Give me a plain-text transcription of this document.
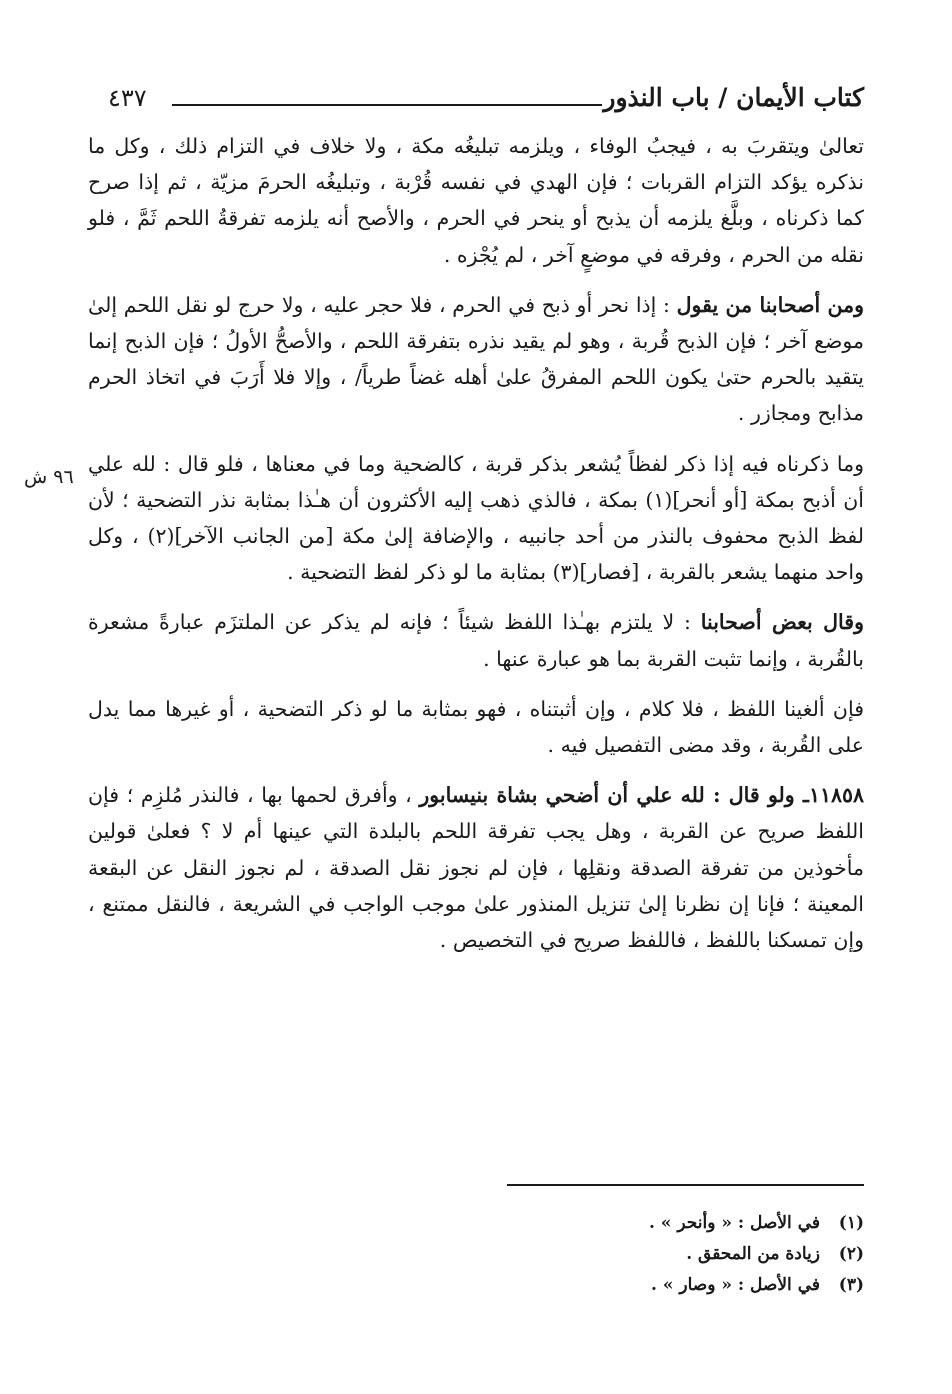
كتاب الأيمان / باب النذور
٤٣٧
٩٦ ش

تعالىٰ ويتقربَ به ، فيجبُ الوفاء ، ويلزمه تبليغُه مكة ، ولا خلاف في التزام ذلك ، وكل ما نذكره يؤكد التزام القربات ؛ فإن الهدي في نفسه قُرْبة ، وتبليغُه الحرمَ مزيّة ، ثم إذا صرح كما ذكرناه ، وبلَّغ يلزمه أن يذبح أو ينحر في الحرم ، والأصح أنه يلزمه تفرقةُ اللحم ثَمَّ ، فلو نقله من الحرم ، وفرقه في موضعٍ آخر ، لم يُجْزه .

ومن أصحابنا من يقول : إذا نحر أو ذبح في الحرم ، فلا حجر عليه ، ولا حرج لو نقل اللحم إلىٰ موضع آخر ؛ فإن الذبح قُربة ، وهو لم يقيد نذره بتفرقة اللحم ، والأصحُّ الأولُ ؛ فإن الذبح إنما يتقيد بالحرم حتىٰ يكون اللحم المفرقُ علىٰ أهله غضاً طرياً/ ، وإلا فلا أَرَبَ في اتخاذ الحرم مذابح ومجازر .

وما ذكرناه فيه إذا ذكر لفظاً يُشعر بذكر قربة ، كالضحية وما في معناها ، فلو قال : لله علي أن أذبح بمكة [أو أنحر](١) بمكة ، فالذي ذهب إليه الأكثرون أن هـٰذا بمثابة نذر التضحية ؛ لأن لفظ الذبح محفوف بالنذر من أحد جانبيه ، والإضافة إلىٰ مكة [من الجانب الآخر](٢) ، وكل واحد منهما يشعر بالقربة ، [فصار](٣) بمثابة ما لو ذكر لفظ التضحية .

وقال بعض أصحابنا : لا يلتزم بهـٰذا اللفظ شيئاً ؛ فإنه لم يذكر عن الملتزَم عبارةً مشعرة بالقُربة ، وإنما تثبت القربة بما هو عبارة عنها .

فإن ألغينا اللفظ ، فلا كلام ، وإن أثبتناه ، فهو بمثابة ما لو ذكر التضحية ، أو غيرها مما يدل على القُربة ، وقد مضى التفصيل فيه .

١١٨٥٨ـ ولو قال : لله علي أن أضحي بشاة بنيسابور ، وأفرق لحمها بها ، فالنذر مُلزِم ؛ فإن اللفظ صريح عن القربة ، وهل يجب تفرقة اللحم بالبلدة التي عينها أم لا ؟ فعلىٰ قولين مأخوذين من تفرقة الصدقة ونقلِها ، فإن لم نجوز نقل الصدقة ، لم نجوز النقل عن البقعة المعينة ؛ فإنا إن نظرنا إلىٰ تنزيل المنذور علىٰ موجب الواجب في الشريعة ، فالنقل ممتنع ، وإن تمسكنا باللفظ ، فاللفظ صريح في التخصيص .

(١)في الأصل : « وأنحر » .
(٢)زيادة من المحقق .
(٣)في الأصل : « وصار » .
